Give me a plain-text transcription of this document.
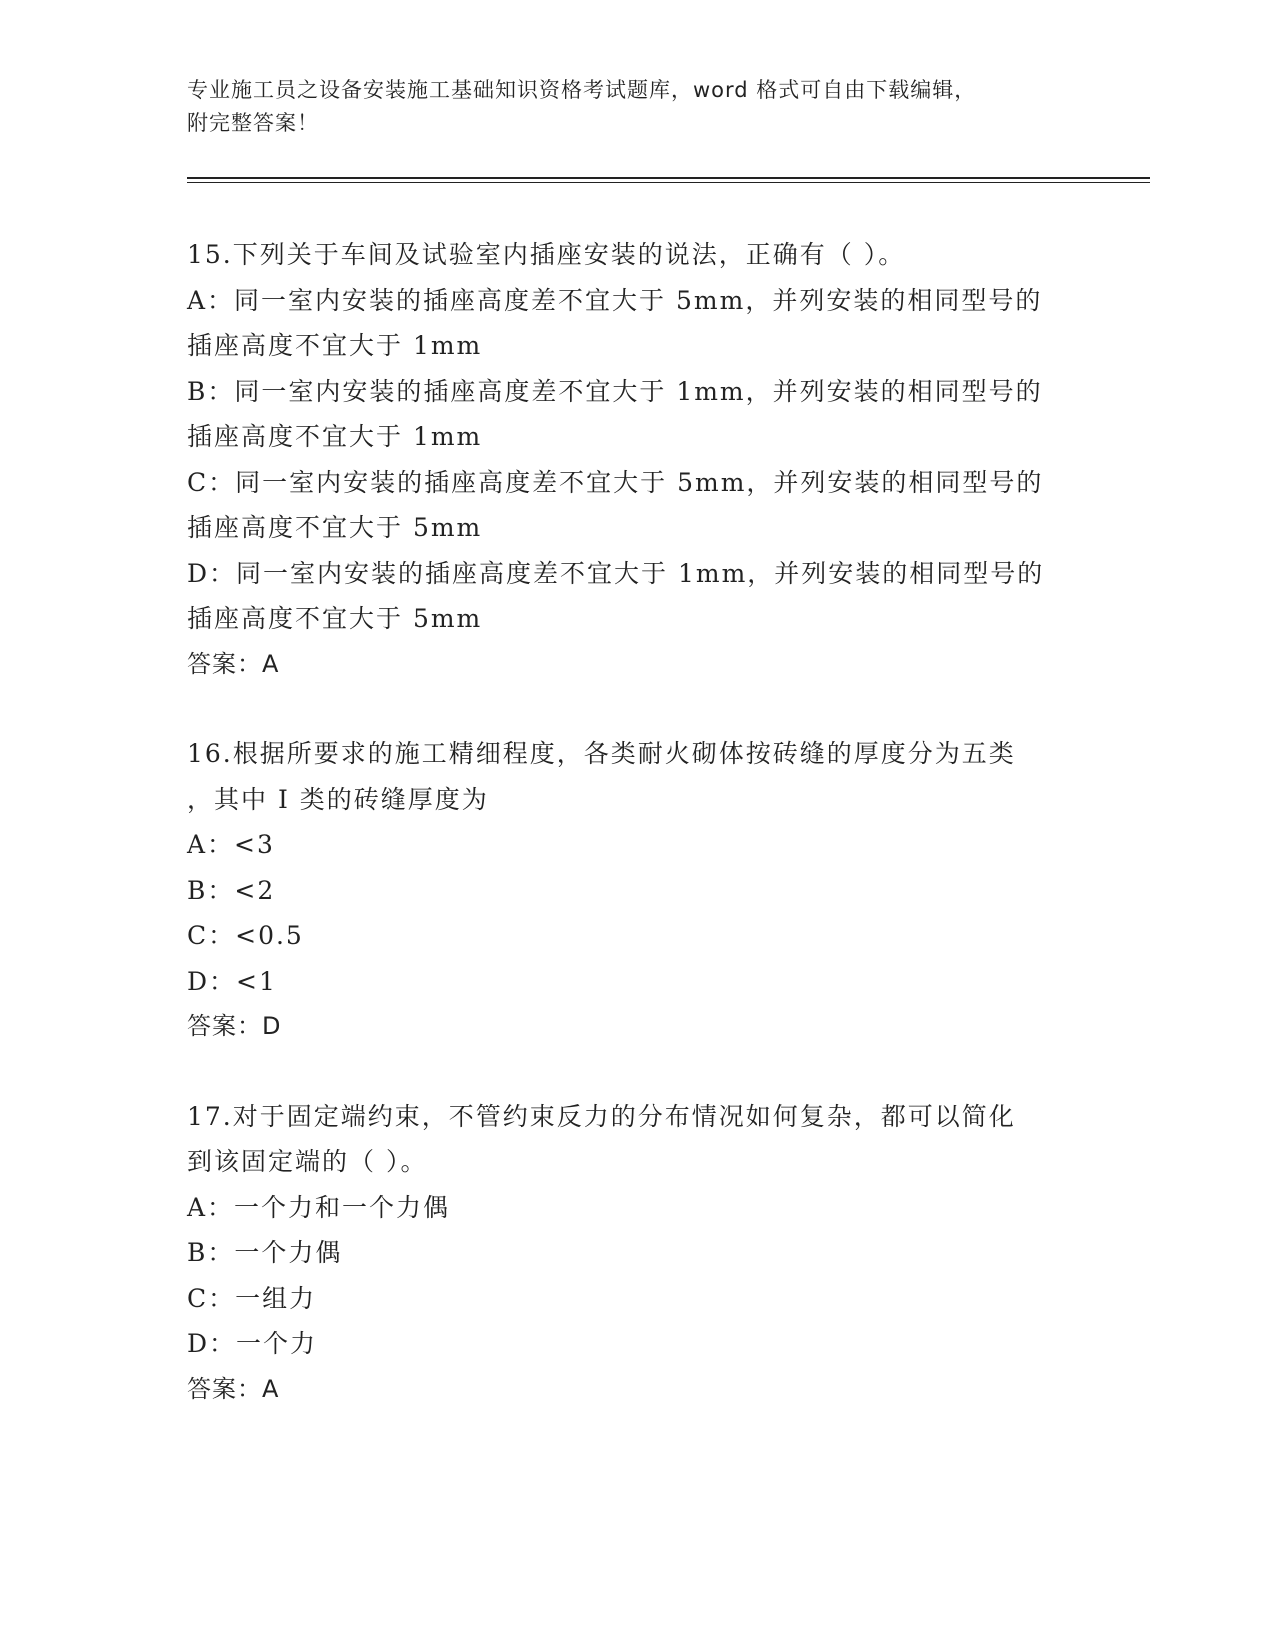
专业施工员之设备安装施工基础知识资格考试题库，word 格式可自由下载编辑，
附完整答案！
15.下列关于车间及试验室内插座安装的说法，正确有（ ）。
A：同一室内安装的插座高度差不宜大于 5mm，并列安装的相同型号的
插座高度不宜大于 1mm
B：同一室内安装的插座高度差不宜大于 1mm，并列安装的相同型号的
插座高度不宜大于 1mm
C：同一室内安装的插座高度差不宜大于 5mm，并列安装的相同型号的
插座高度不宜大于 5mm
D：同一室内安装的插座高度差不宜大于 1mm，并列安装的相同型号的
插座高度不宜大于 5mm
答案：A
16.根据所要求的施工精细程度，各类耐火砌体按砖缝的厚度分为五类
，其中 I 类的砖缝厚度为
A：<3
B：<2
C：<0.5
D：<1
答案：D
17.对于固定端约束，不管约束反力的分布情况如何复杂，都可以简化
到该固定端的（ ）。
A：一个力和一个力偶
B：一个力偶
C：一组力
D：一个力
答案：A
